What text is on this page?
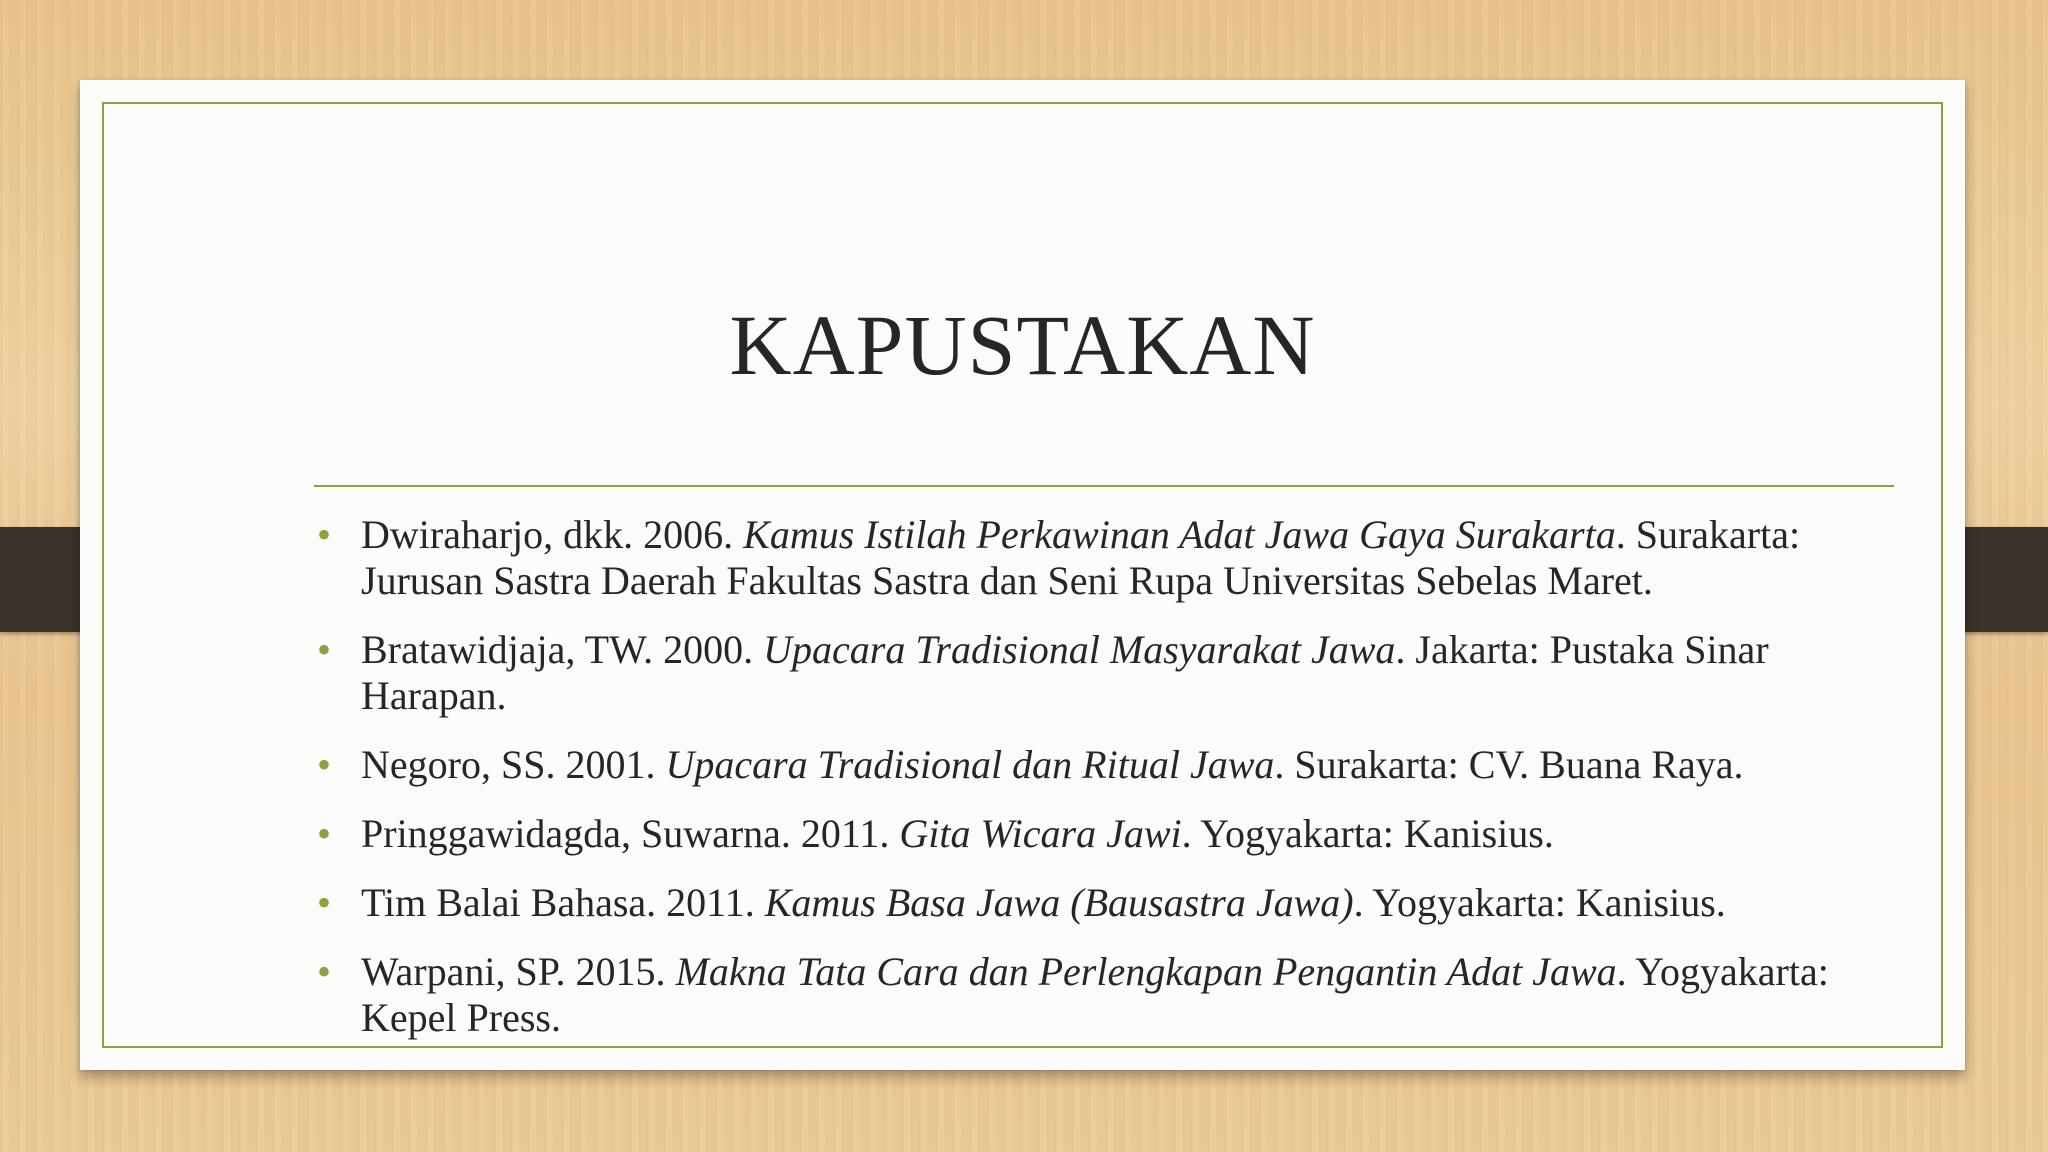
KAPUSTAKAN
• Dwiraharjo, dkk. 2006. Kamus Istilah Perkawinan Adat Jawa Gaya Surakarta. Surakarta: Jurusan Sastra Daerah Fakultas Sastra dan Seni Rupa Universitas Sebelas Maret.
• Bratawidjaja, TW. 2000. Upacara Tradisional Masyarakat Jawa. Jakarta: Pustaka Sinar Harapan.
• Negoro, SS. 2001. Upacara Tradisional dan Ritual Jawa. Surakarta: CV. Buana Raya.
• Pringgawidagda, Suwarna. 2011. Gita Wicara Jawi. Yogyakarta: Kanisius.
• Tim Balai Bahasa. 2011. Kamus Basa Jawa (Bausastra Jawa). Yogyakarta: Kanisius.
• Warpani, SP. 2015. Makna Tata Cara dan Perlengkapan Pengantin Adat Jawa. Yogyakarta: Kepel Press.
